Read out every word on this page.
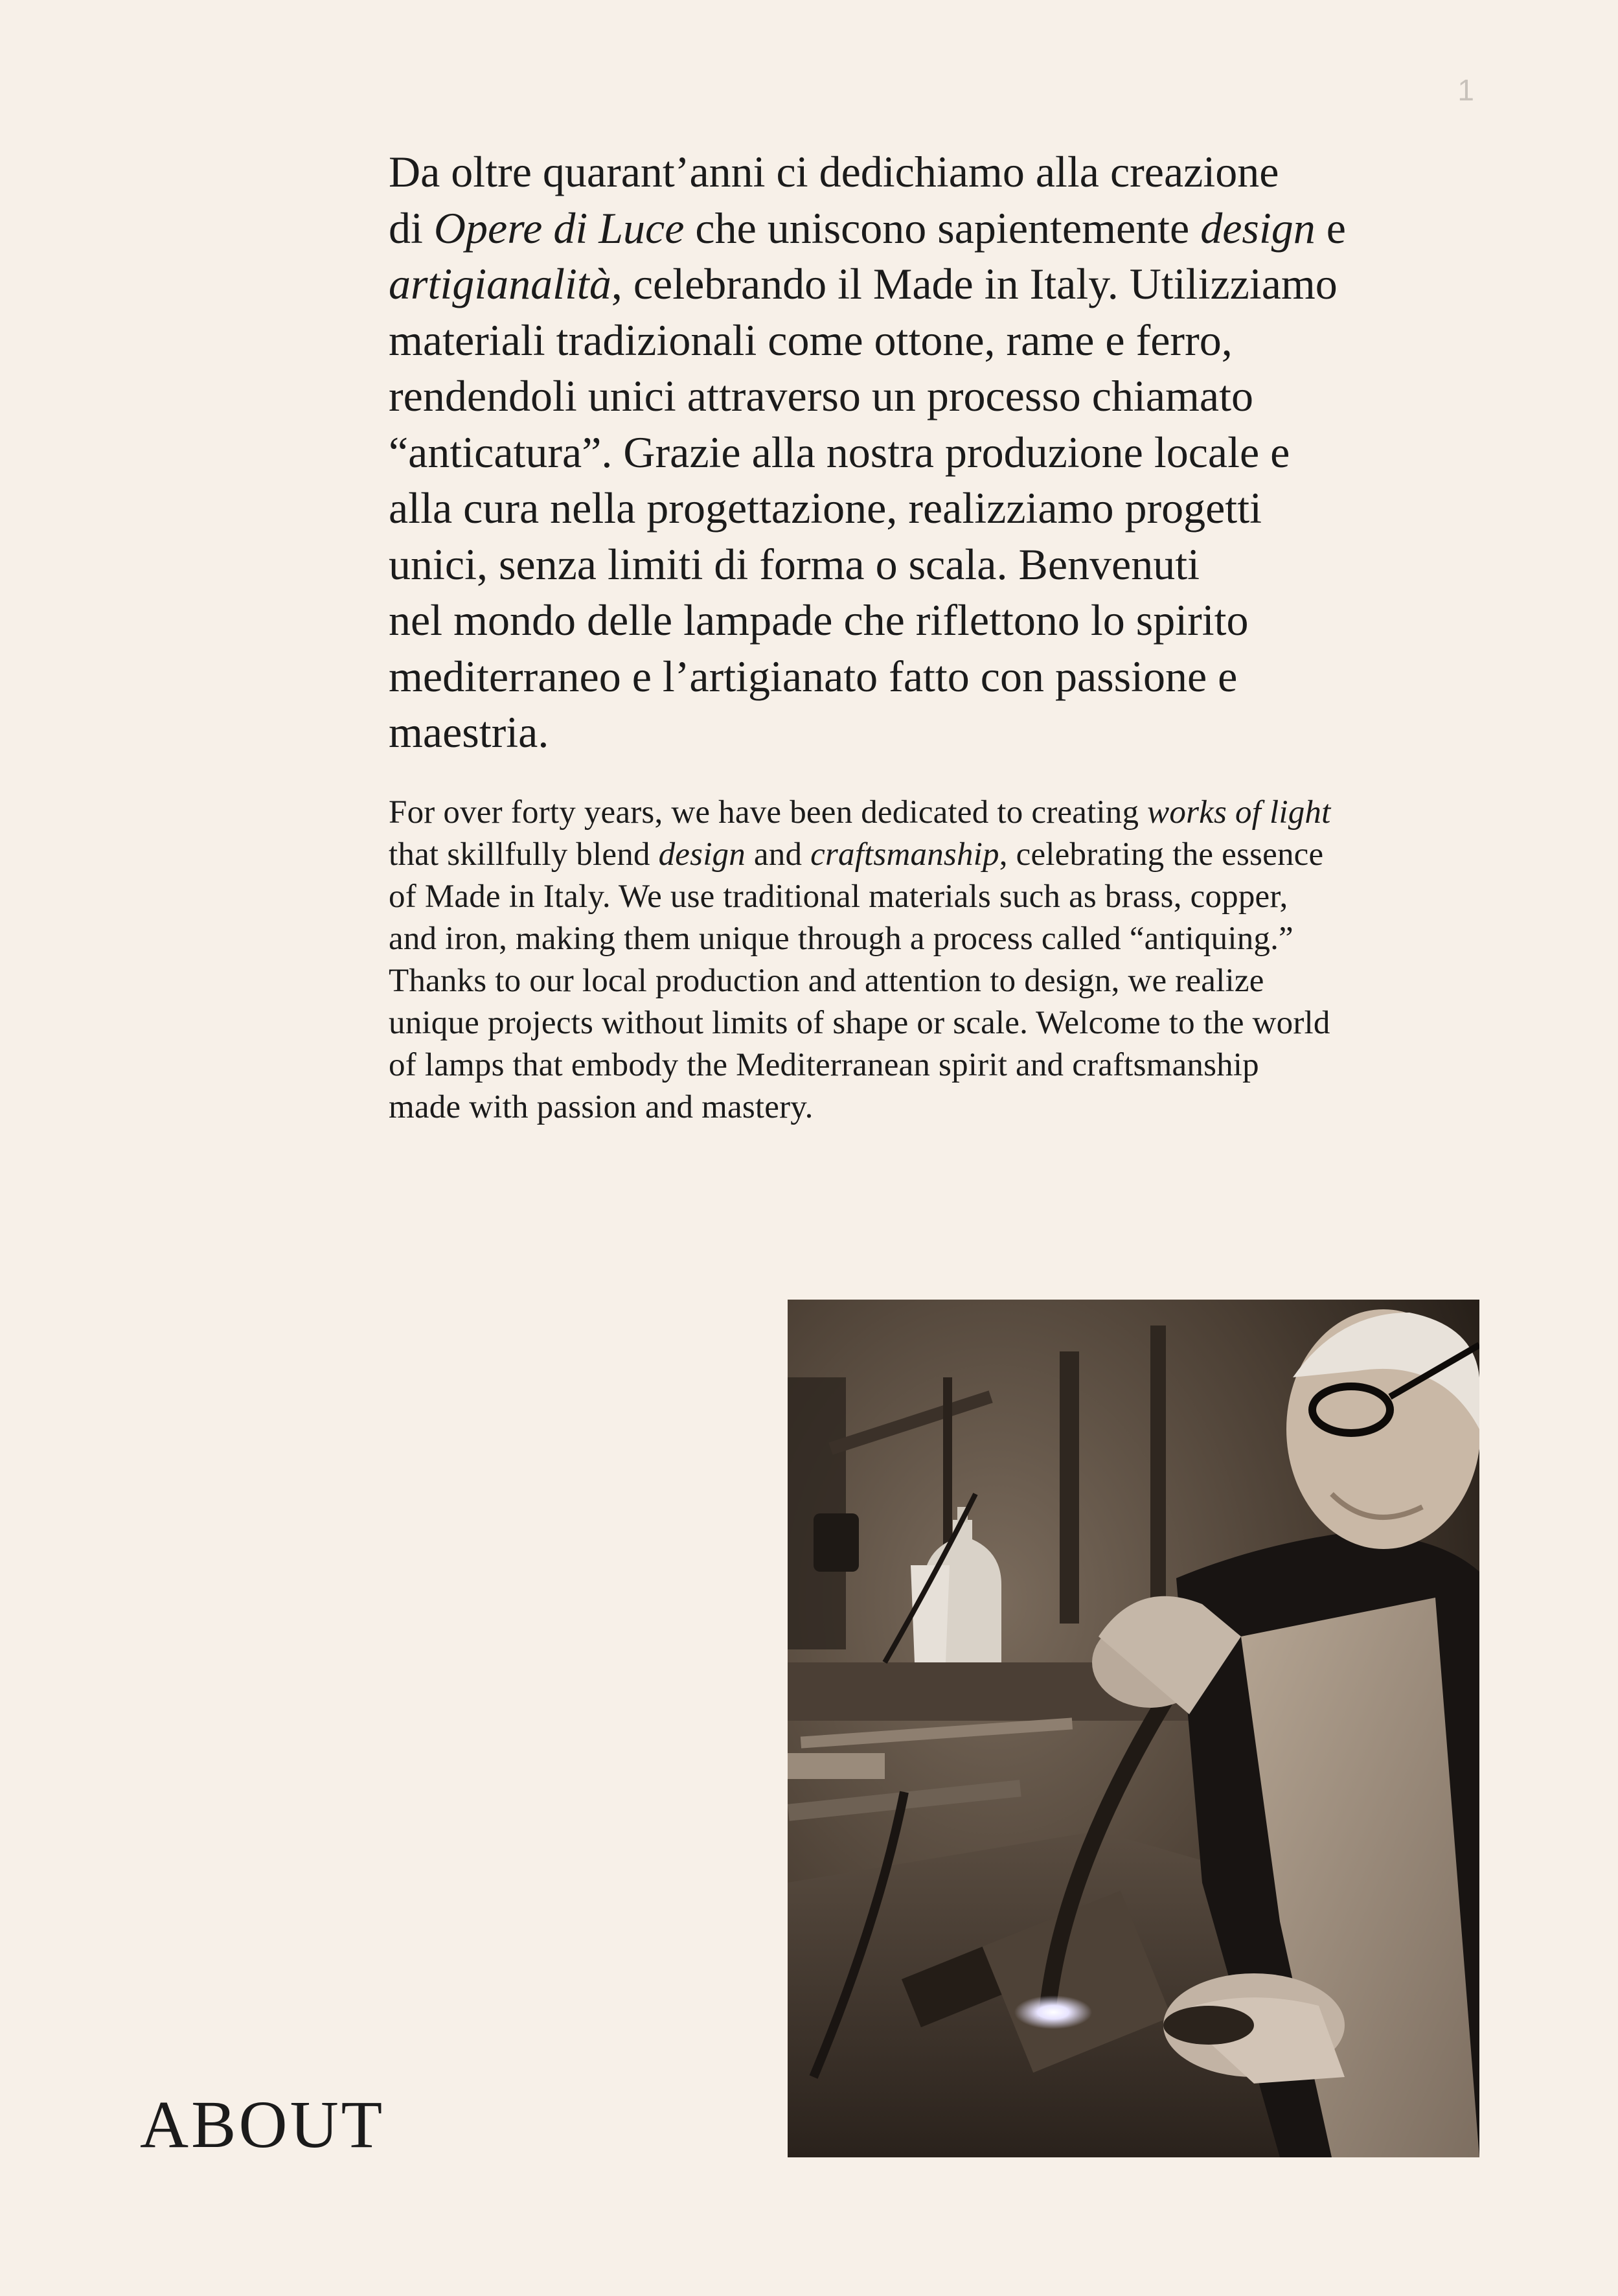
1

Da oltre quarant’anni ci dedichiamo alla creazione
di Opere di Luce che uniscono sapientemente design e
artigianalità, celebrando il Made in Italy. Utilizziamo
materiali tradizionali come ottone, rame e ferro,
rendendoli unici attraverso un processo chiamato
“anticatura”. Grazie alla nostra produzione locale e
alla cura nella progettazione, realizziamo progetti
unici, senza limiti di forma o scala. Benvenuti
nel mondo delle lampade che riflettono lo spirito
mediterraneo e l’artigianato fatto con passione e
maestria.

For over forty years, we have been dedicated to creating works of light
that skillfully blend design and craftsmanship, celebrating the essence
of Made in Italy. We use traditional materials such as brass, copper,
and iron, making them unique through a process called “antiquing.”
Thanks to our local production and attention to design, we realize
unique projects without limits of shape or scale. Welcome to the world
of lamps that embody the Mediterranean spirit and craftsmanship
made with passion and mastery.

ABOUT
